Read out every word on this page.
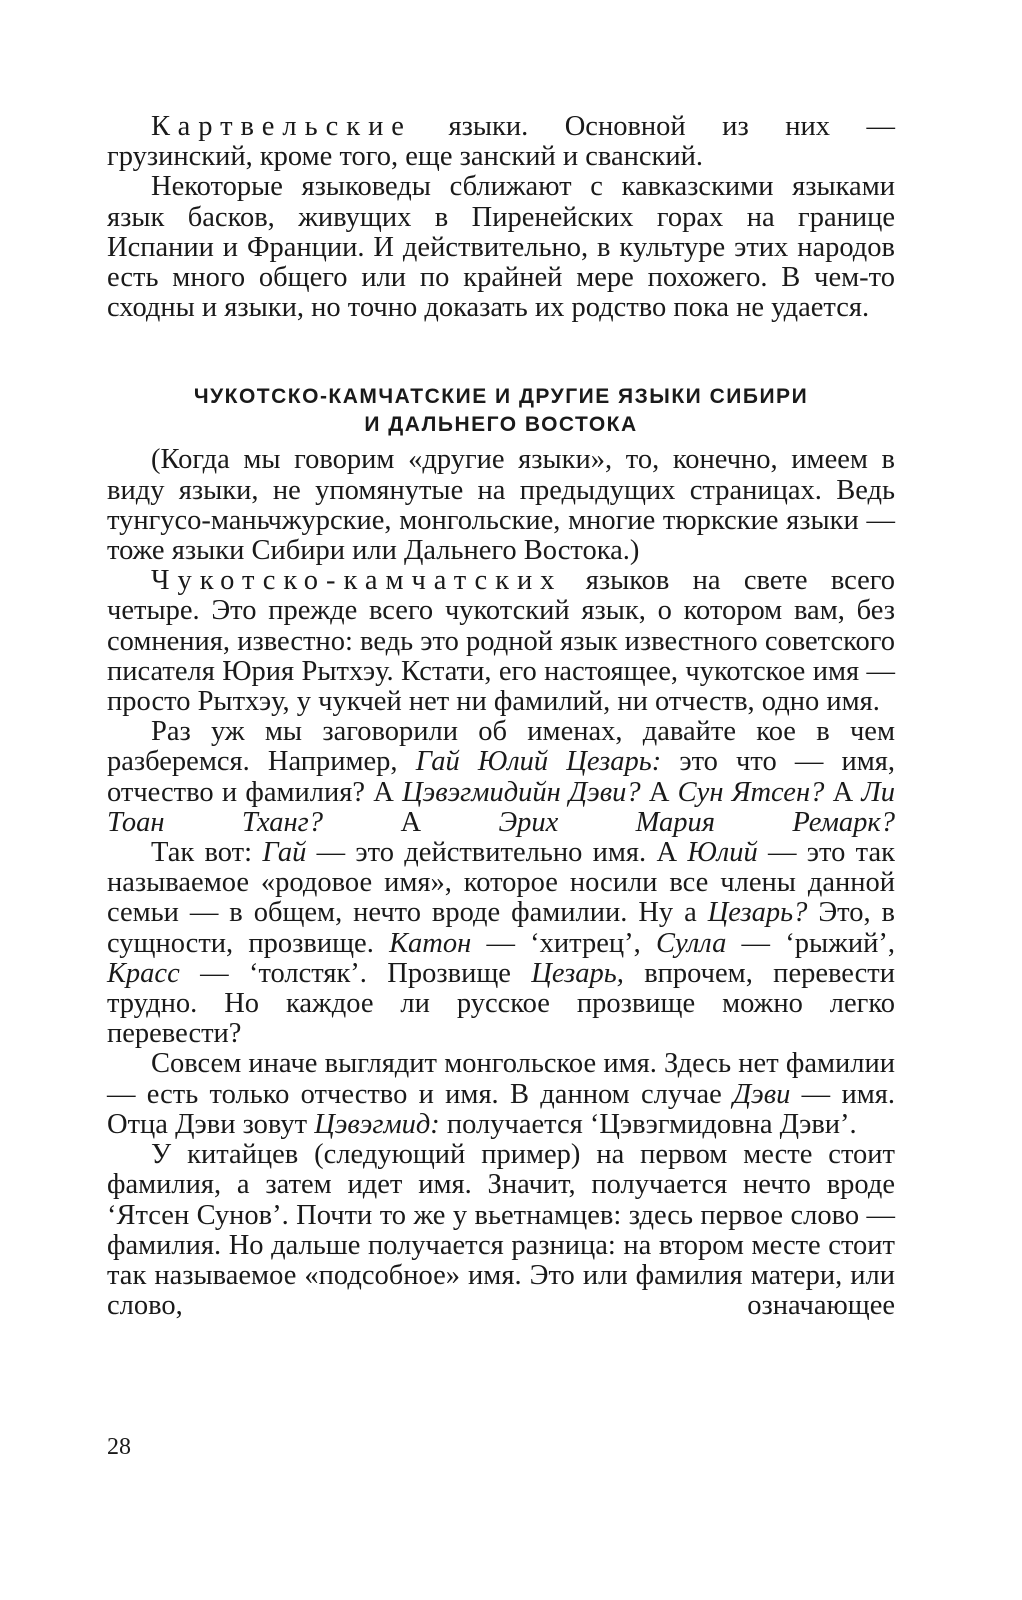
Картвельские языки. Основной из них — грузинский, кроме того, еще занский и сванский.

Некоторые языковеды сближают с кавказскими языками язык басков, живущих в Пиренейских горах на границе Испании и Франции. И действительно, в культуре этих народов есть много общего или по крайней мере похожего. В чем-то сходны и языки, но точно доказать их родство пока не удается.

ЧУКОТСКО-КАМЧАТСКИЕ И ДРУГИЕ ЯЗЫКИ СИБИРИ
И ДАЛЬНЕГО ВОСТОКА

(Когда мы говорим «другие языки», то, конечно, имеем в виду языки, не упомянутые на предыдущих страницах. Ведь тунгусо-маньчжурские, монгольские, многие тюркские языки — тоже языки Сибири или Дальнего Востока.)

Чукотско-камчатских языков на свете всего четыре. Это прежде всего чукотский язык, о котором вам, без сомнения, известно: ведь это родной язык известного советского писателя Юрия Рытхэу. Кстати, его настоящее, чукотское имя — просто Рытхэу, у чукчей нет ни фамилий, ни отчеств, одно имя.

Раз уж мы заговорили об именах, давайте кое в чем разберемся. Например, Гай Юлий Цезарь: это что — имя, отчество и фамилия? А Цэвэгмидийн Дэви? А Сун Ятсен? А Ли Тоан Тханг? А Эрих Мария Ремарк?

Так вот: Гай — это действительно имя. А Юлий — это так называемое «родовое имя», которое носили все члены данной семьи — в общем, нечто вроде фамилии. Ну а Цезарь? Это, в сущности, прозвище. Катон — ‘хитрец’, Сулла — ‘рыжий’, Красс — ‘толстяк’. Прозвище Цезарь, впрочем, перевести трудно. Но каждое ли русское прозвище можно легко перевести?

Совсем иначе выглядит монгольское имя. Здесь нет фамилии — есть только отчество и имя. В данном случае Дэви — имя. Отца Дэви зовут Цэвэгмид: получается ‘Цэвэгмидовна Дэви’.

У китайцев (следующий пример) на первом месте стоит фамилия, а затем идет имя. Значит, получается нечто вроде ‘Ятсен Сунов’. Почти то же у вьетнамцев: здесь первое слово — фамилия. Но дальше получается разница: на втором месте стоит так называемое «подсобное» имя. Это или фамилия матери, или слово, означающее

28
